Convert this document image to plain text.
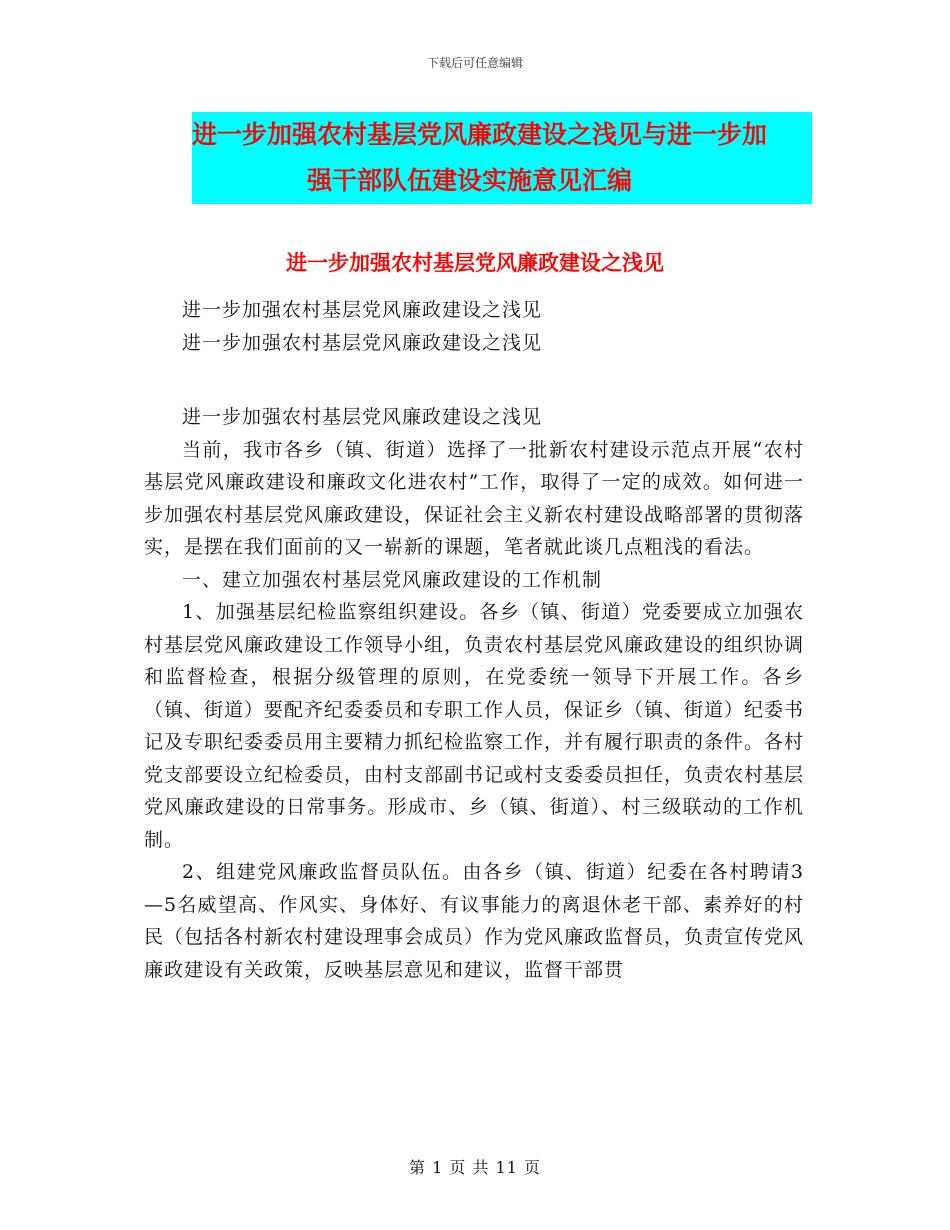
下载后可任意编辑
进一步加强农村基层党风廉政建设之浅见与进一步加
强干部队伍建设实施意见汇编
进一步加强农村基层党风廉政建设之浅见

进一步加强农村基层党风廉政建设之浅见

进一步加强农村基层党风廉政建设之浅见

进一步加强农村基层党风廉政建设之浅见

当前，我市各乡（镇、街道）选择了一批新农村建设示范点开展“农村基层党风廉政建设和廉政文化进农村”工作，取得了一定的成效。如何进一步加强农村基层党风廉政建设，保证社会主义新农村建设战略部署的贯彻落实，是摆在我们面前的又一崭新的课题，笔者就此谈几点粗浅的看法。

一、建立加强农村基层党风廉政建设的工作机制

1、加强基层纪检监察组织建设。各乡（镇、街道）党委要成立加强农村基层党风廉政建设工作领导小组，负责农村基层党风廉政建设的组织协调和监督检查，根据分级管理的原则，在党委统一领导下开展工作。各乡（镇、街道）要配齐纪委委员和专职工作人员，保证乡（镇、街道）纪委书记及专职纪委委员用主要精力抓纪检监察工作，并有履行职责的条件。各村党支部要设立纪检委员，由村支部副书记或村支委委员担任，负责农村基层党风廉政建设的日常事务。形成市、乡（镇、街道）、村三级联动的工作机制。

2、组建党风廉政监督员队伍。由各乡（镇、街道）纪委在各村聘请3—5名威望高、作风实、身体好、有议事能力的离退休老干部、素养好的村民（包括各村新农村建设理事会成员）作为党风廉政监督员，负责宣传党风廉政建设有关政策，反映基层意见和建议，监督干部贯

第 1 页 共 11 页
